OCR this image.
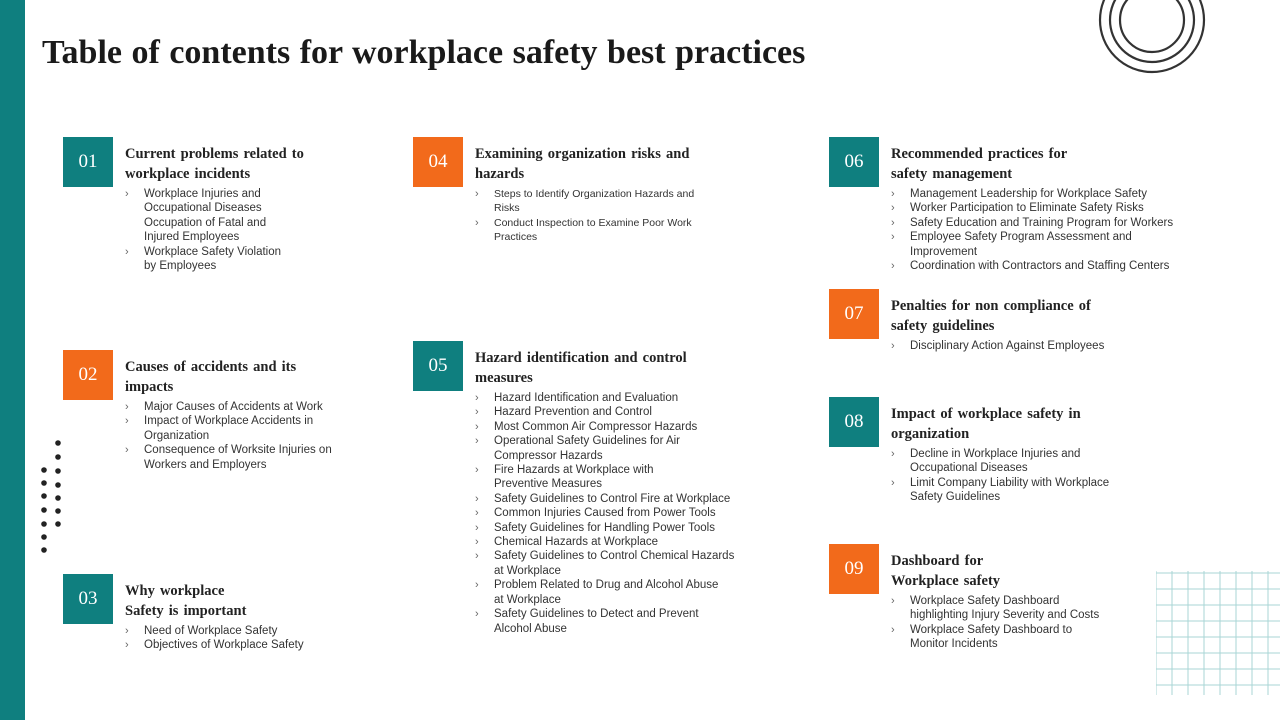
Table of contents for workplace safety best practices
01	Current problems related to
workplace incidents
› Workplace Injuries and
Occupational Diseases
Occupation of Fatal and
Injured Employees
› Workplace Safety Violation
by Employees
02	Causes of accidents and its
impacts
› Major Causes of Accidents at Work
› Impact of Workplace Accidents in
Organization
› Consequence of Worksite Injuries on
Workers and Employers
03	Why workplace
Safety is important
› Need of Workplace Safety
› Objectives of Workplace Safety
04	Examining organization risks and
hazards
› Steps to Identify Organization Hazards and
Risks
› Conduct Inspection to Examine Poor Work
Practices
05	Hazard identification and control
measures
› Hazard Identification and Evaluation
› Hazard Prevention and Control
› Most Common Air Compressor Hazards
› Operational Safety Guidelines for Air
Compressor Hazards
› Fire Hazards at Workplace with
Preventive Measures
› Safety Guidelines to Control Fire at Workplace
› Common Injuries Caused from Power Tools
› Safety Guidelines for Handling Power Tools
› Chemical Hazards at Workplace
› Safety Guidelines to Control Chemical Hazards
at Workplace
› Problem Related to Drug and Alcohol Abuse
at Workplace
› Safety Guidelines to Detect and Prevent
Alcohol Abuse
06	Recommended practices for
safety management
› Management Leadership for Workplace Safety
› Worker Participation to Eliminate Safety Risks
› Safety Education and Training Program for Workers
› Employee Safety Program Assessment and
Improvement
› Coordination with Contractors and Staffing Centers
07	Penalties for non compliance of
safety guidelines
› Disciplinary Action Against Employees
08	Impact of workplace safety in
organization
› Decline in Workplace Injuries and
Occupational Diseases
› Limit Company Liability with Workplace
Safety Guidelines
09	Dashboard for
Workplace safety
› Workplace Safety Dashboard
highlighting Injury Severity and Costs
› Workplace Safety Dashboard to
Monitor Incidents
